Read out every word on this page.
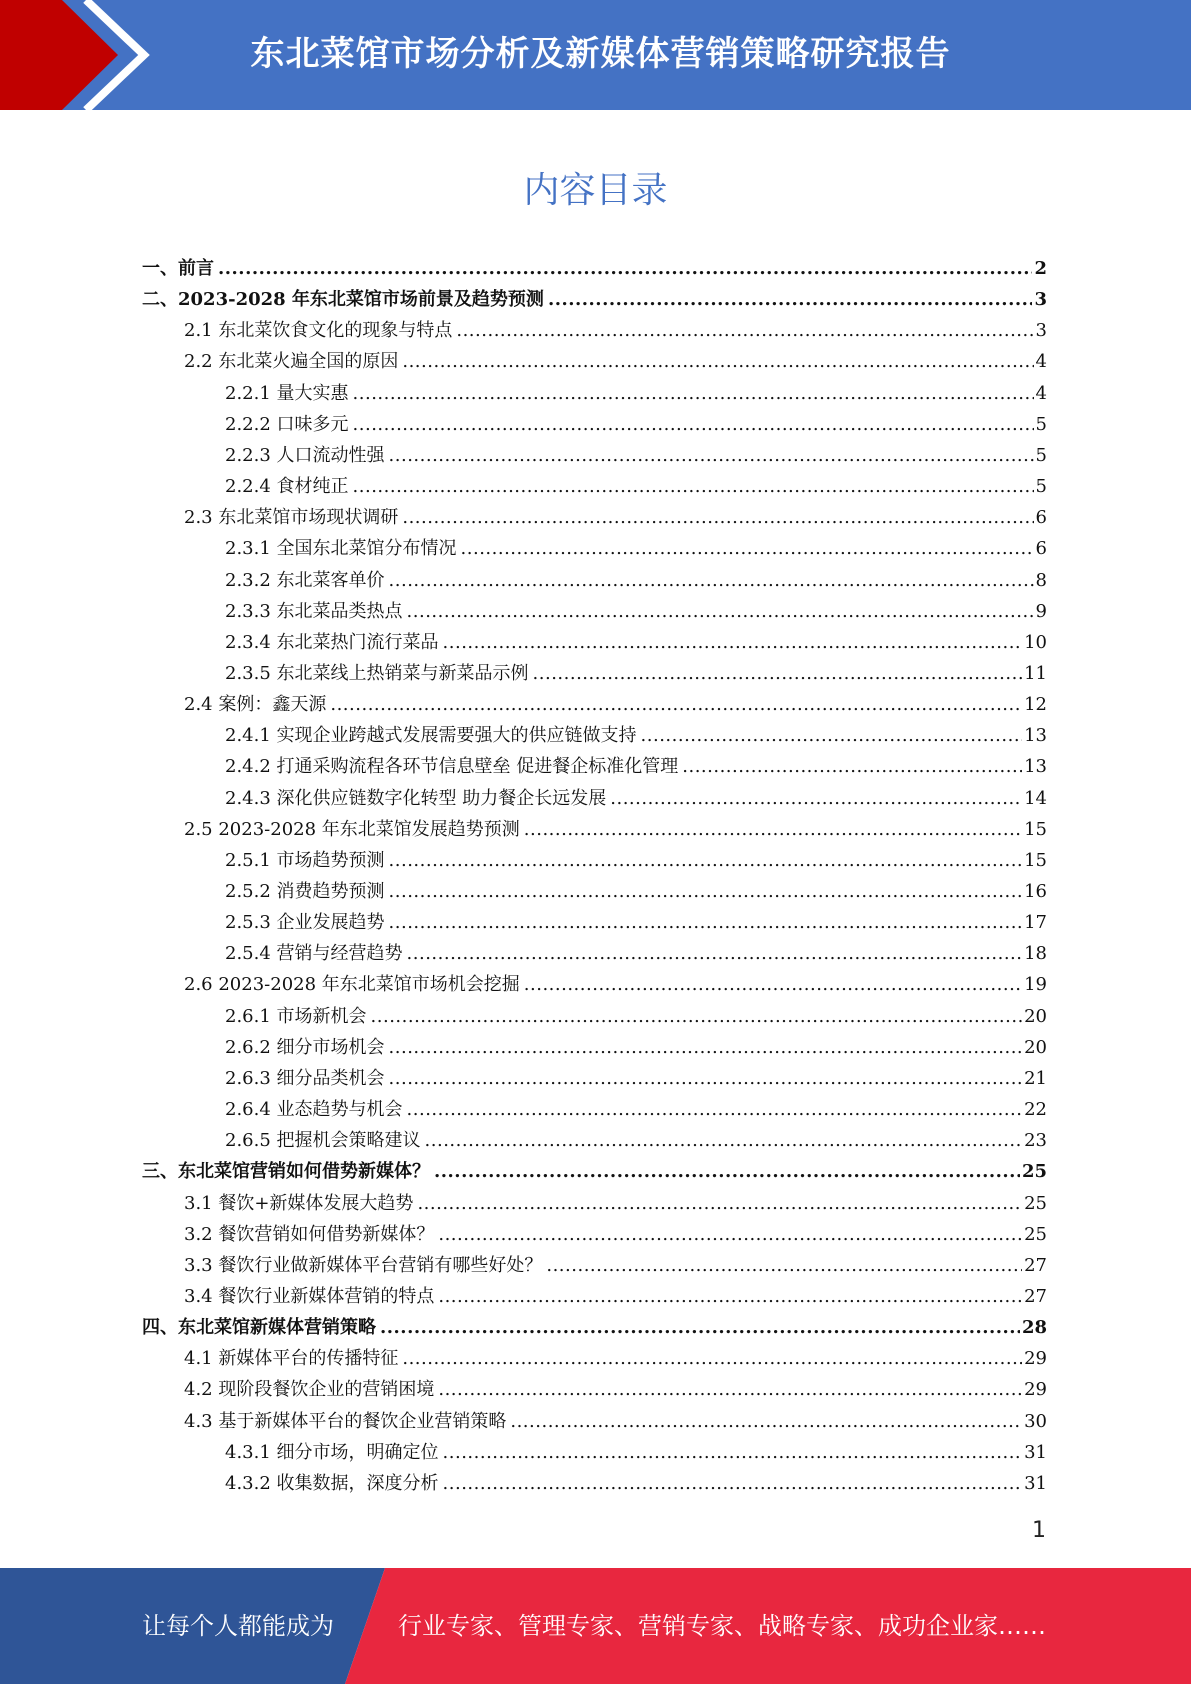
东北菜馆市场分析及新媒体营销策略研究报告
内容目录
一、前言 .....	2
二、2023-2028 年东北菜馆市场前景及趋势预测 .....	3
2.1 东北菜饮食文化的现象与特点 .....	3
2.2 东北菜火遍全国的原因 .....	4
2.2.1 量大实惠 .....	4
2.2.2 口味多元 .....	5
2.2.3 人口流动性强 .....	5
2.2.4 食材纯正 .....	5
2.3 东北菜馆市场现状调研 .....	6
2.3.1 全国东北菜馆分布情况 .....	6
2.3.2 东北菜客单价 .....	8
2.3.3 东北菜品类热点 .....	9
2.3.4 东北菜热门流行菜品 .....	10
2.3.5 东北菜线上热销菜与新菜品示例 .....	11
2.4 案例：鑫天源 .....	12
2.4.1 实现企业跨越式发展需要强大的供应链做支持 .....	13
2.4.2 打通采购流程各环节信息壁垒 促进餐企标准化管理 .....	13
2.4.3 深化供应链数字化转型 助力餐企长远发展 .....	14
2.5 2023-2028 年东北菜馆发展趋势预测 .....	15
2.5.1 市场趋势预测 .....	15
2.5.2 消费趋势预测 .....	16
2.5.3 企业发展趋势 .....	17
2.5.4 营销与经营趋势 .....	18
2.6 2023-2028 年东北菜馆市场机会挖掘 .....	19
2.6.1 市场新机会 .....	20
2.6.2 细分市场机会 .....	20
2.6.3 细分品类机会 .....	21
2.6.4 业态趋势与机会 .....	22
2.6.5 把握机会策略建议 .....	23
三、东北菜馆营销如何借势新媒体？ .....	25
3.1 餐饮+新媒体发展大趋势 .....	25
3.2 餐饮营销如何借势新媒体？ .....	25
3.3 餐饮行业做新媒体平台营销有哪些好处？ .....	27
3.4 餐饮行业新媒体营销的特点 .....	27
四、东北菜馆新媒体营销策略 .....	28
4.1 新媒体平台的传播特征 .....	29
4.2 现阶段餐饮企业的营销困境 .....	29
4.3 基于新媒体平台的餐饮企业营销策略 .....	30
4.3.1 细分市场，明确定位 .....	31
4.3.2 收集数据，深度分析 .....	31
1
让每个人都能成为	行业专家、管理专家、营销专家、战略专家、成功企业家……
